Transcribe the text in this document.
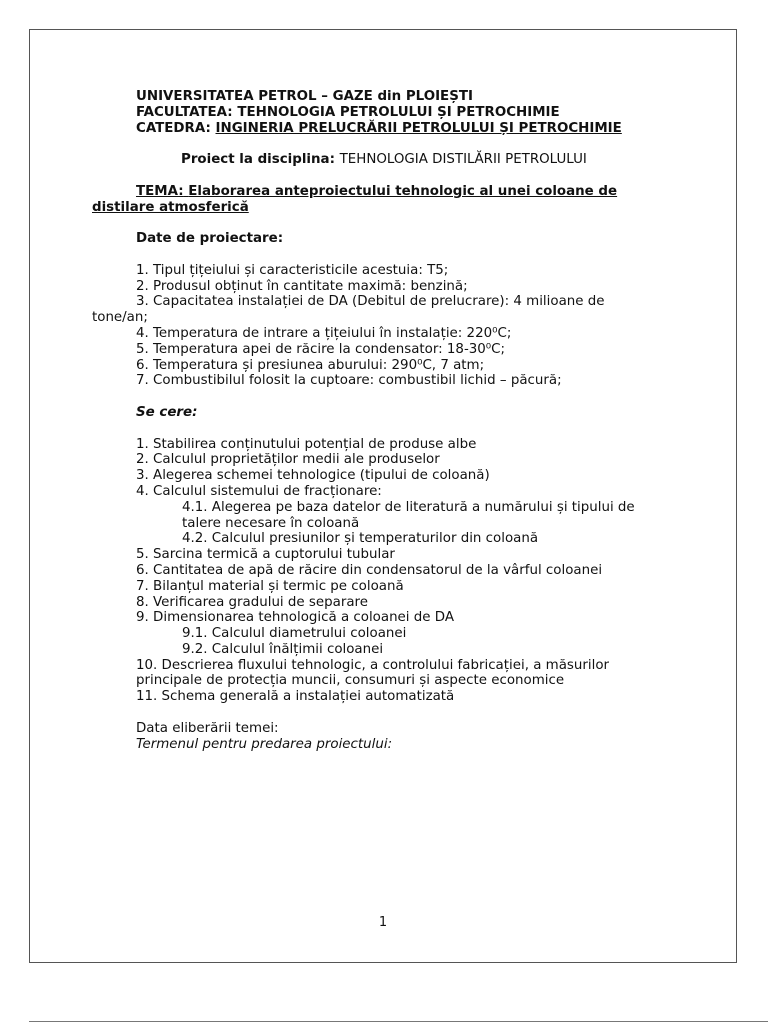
UNIVERSITATEA PETROL – GAZE din PLOIEȘTI
FACULTATEA: TEHNOLOGIA PETROLULUI ȘI PETROCHIMIE
CATEDRA: INGINERIA PRELUCRĂRII PETROLULUI ȘI PETROCHIMIE
Proiect la disciplina: TEHNOLOGIA DISTILĂRII PETROLULUI
TEMA: Elaborarea anteproiectului tehnologic al unei coloane de
distilare atmosferică
Date de proiectare:
1. Tipul țițeiului și caracteristicile acestuia: T5;
2. Produsul obținut în cantitate maximă: benzină;
3. Capacitatea instalației de DA (Debitul de prelucrare): 4 milioane de
tone/an;
4. Temperatura de intrare a țițeiului în instalație: 220⁰C;
5. Temperatura apei de răcire la condensator: 18-30⁰C;
6. Temperatura și presiunea aburului: 290⁰C, 7 atm;
7. Combustibilul folosit la cuptoare: combustibil lichid – păcură;
Se cere:
1. Stabilirea conținutului potențial de produse albe
2. Calculul proprietăților medii ale produselor
3. Alegerea schemei tehnologice (tipului de coloană)
4. Calculul sistemului de fracționare:
4.1. Alegerea pe baza datelor de literatură a numărului și tipului de
talere necesare în coloană
4.2. Calculul presiunilor și temperaturilor din coloană
5. Sarcina termică a cuptorului tubular
6. Cantitatea de apă de răcire din condensatorul de la vârful coloanei
7. Bilanțul material și termic pe coloană
8. Verificarea gradului de separare
9. Dimensionarea tehnologică a coloanei de DA
9.1. Calculul diametrului coloanei
9.2. Calculul înălțimii coloanei
10. Descrierea fluxului tehnologic, a controlului fabricației, a măsurilor
principale de protecția muncii, consumuri și aspecte economice
11. Schema generală a instalației automatizată
Data eliberării temei:
Termenul pentru predarea proiectului:
1
